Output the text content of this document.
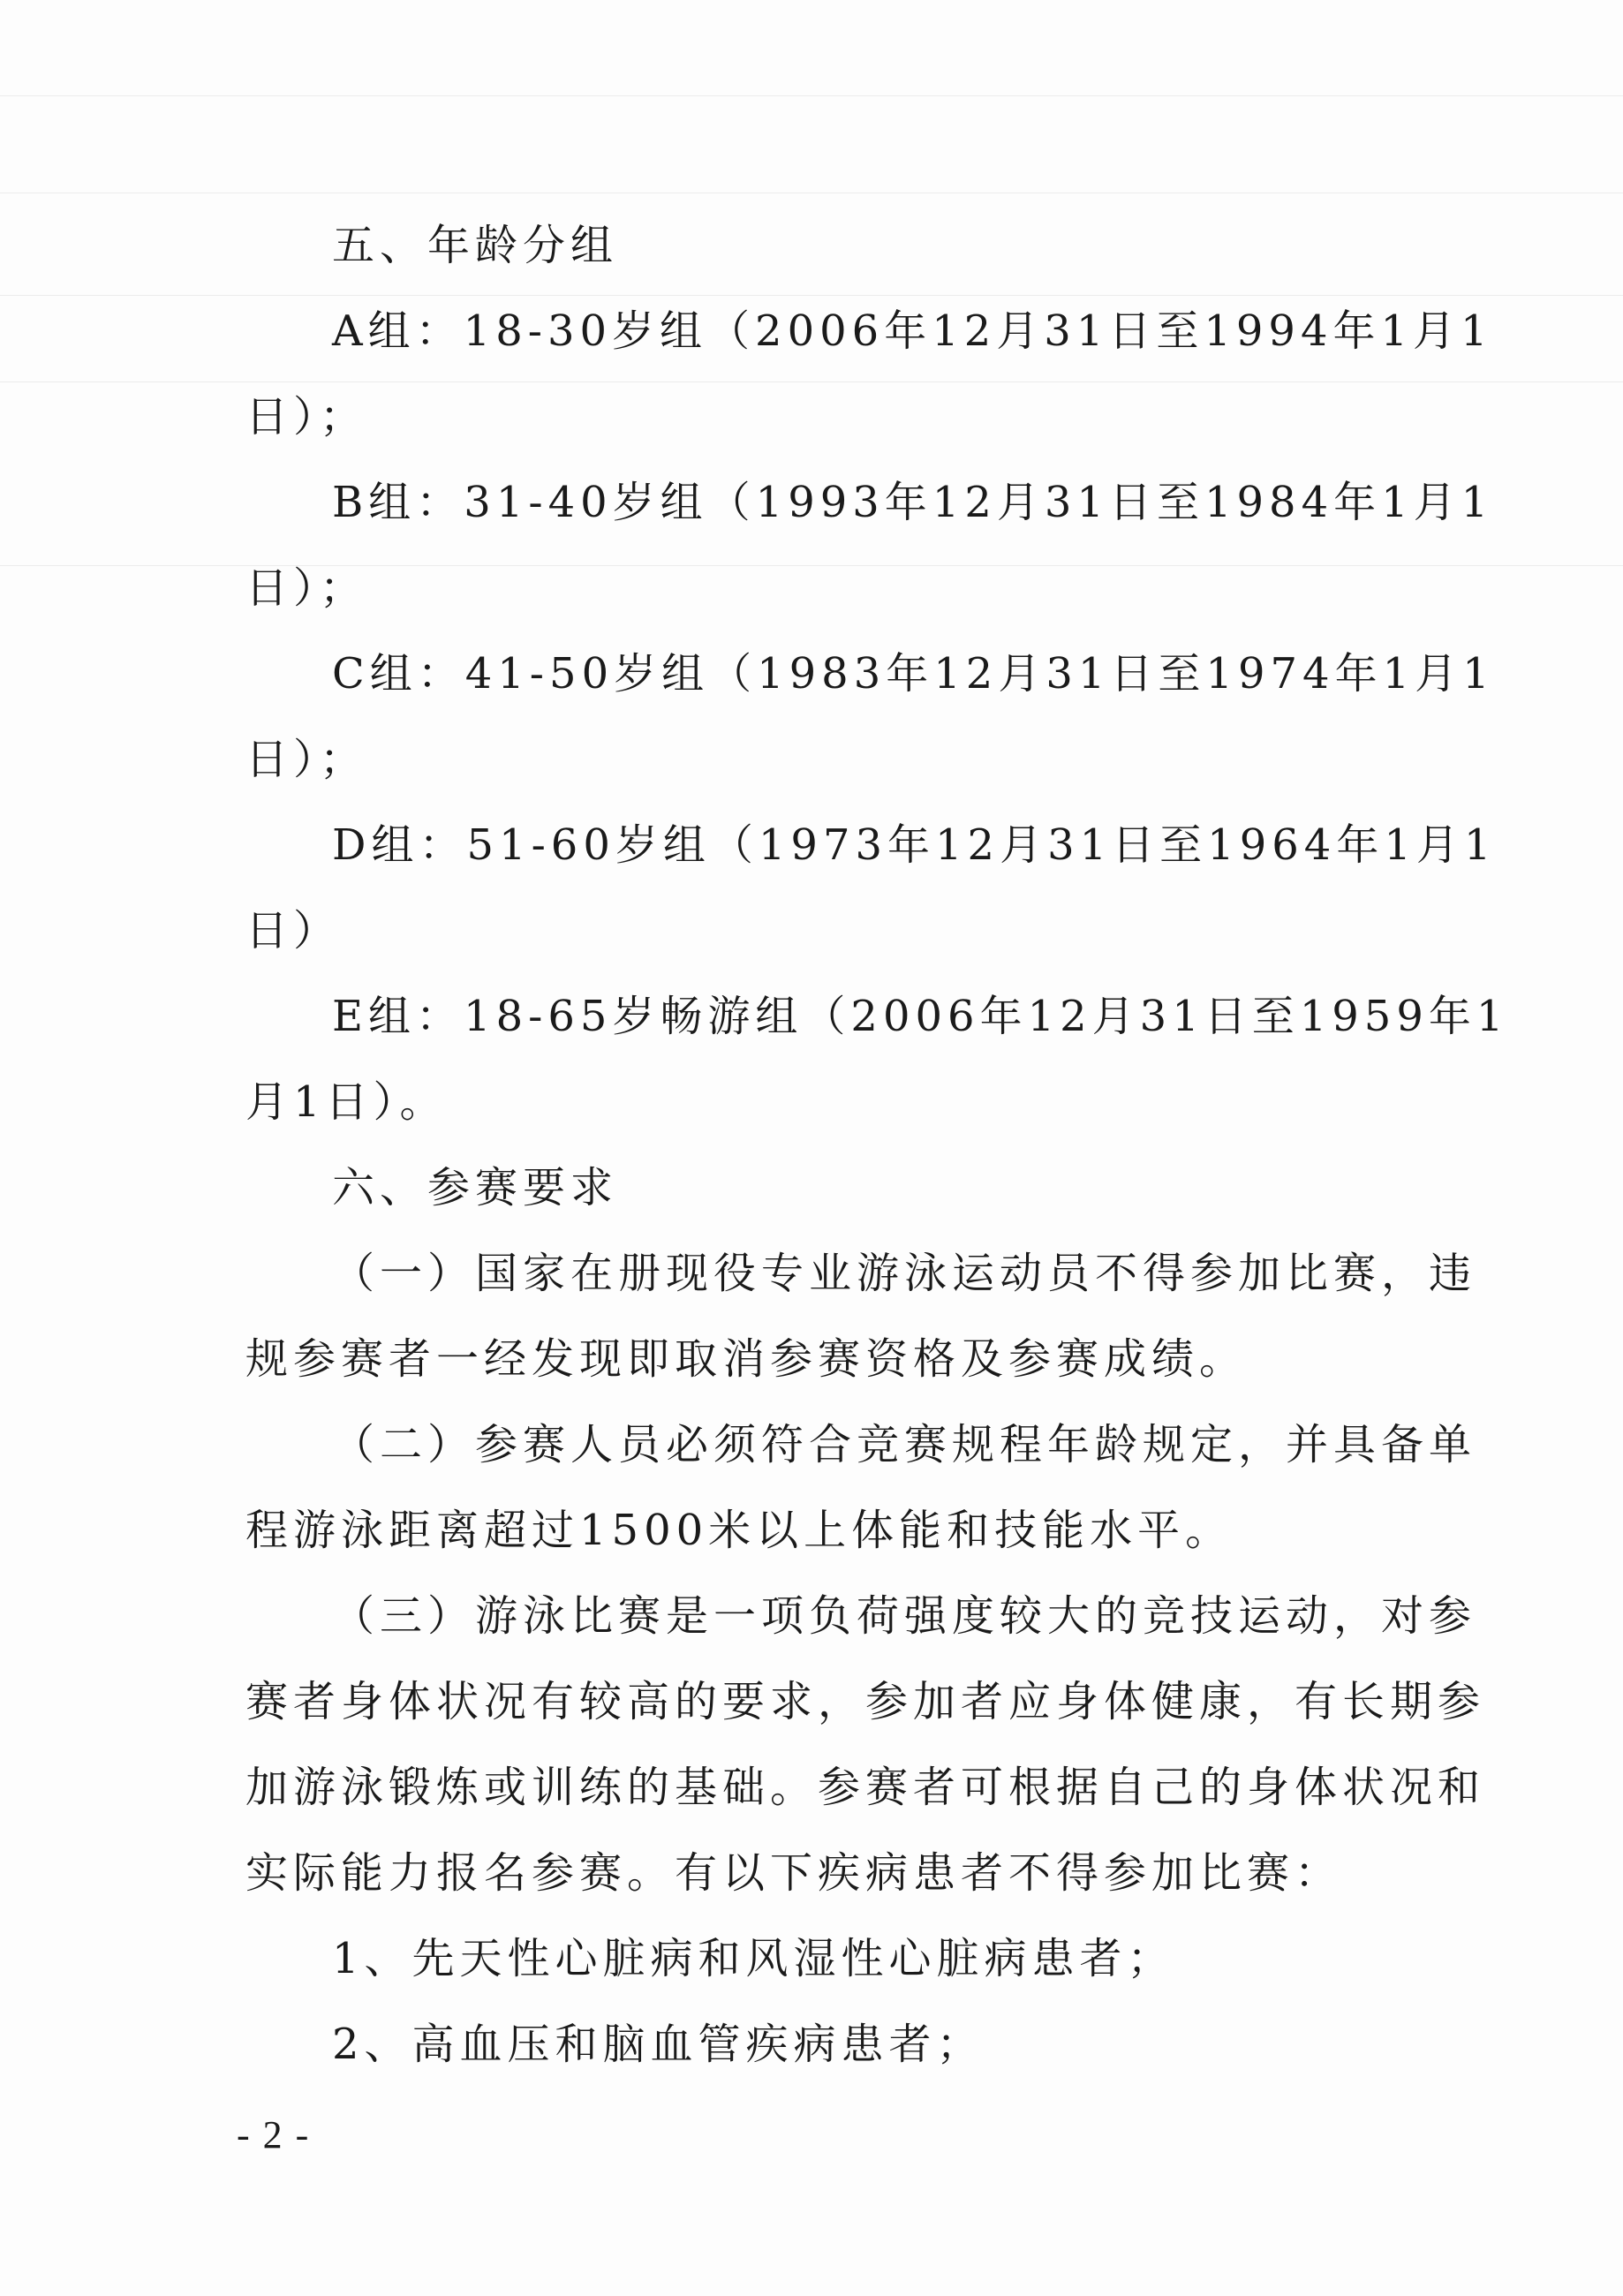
五、年龄分组
A组：18-30岁组（2006年12月31日至1994年1月1
日）；
B组：31-40岁组（1993年12月31日至1984年1月1
日）；
C组：41-50岁组（1983年12月31日至1974年1月1
日）；
D组：51-60岁组（1973年12月31日至1964年1月1
日）
E组：18-65岁畅游组（2006年12月31日至1959年1
月1日）。
六、参赛要求
（一）国家在册现役专业游泳运动员不得参加比赛，违
规参赛者一经发现即取消参赛资格及参赛成绩。
（二）参赛人员必须符合竞赛规程年龄规定，并具备单
程游泳距离超过1500米以上体能和技能水平。
（三）游泳比赛是一项负荷强度较大的竞技运动，对参
赛者身体状况有较高的要求，参加者应身体健康，有长期参
加游泳锻炼或训练的基础。参赛者可根据自己的身体状况和
实际能力报名参赛。有以下疾病患者不得参加比赛：
1、先天性心脏病和风湿性心脏病患者；
2、高血压和脑血管疾病患者；
- 2 -
